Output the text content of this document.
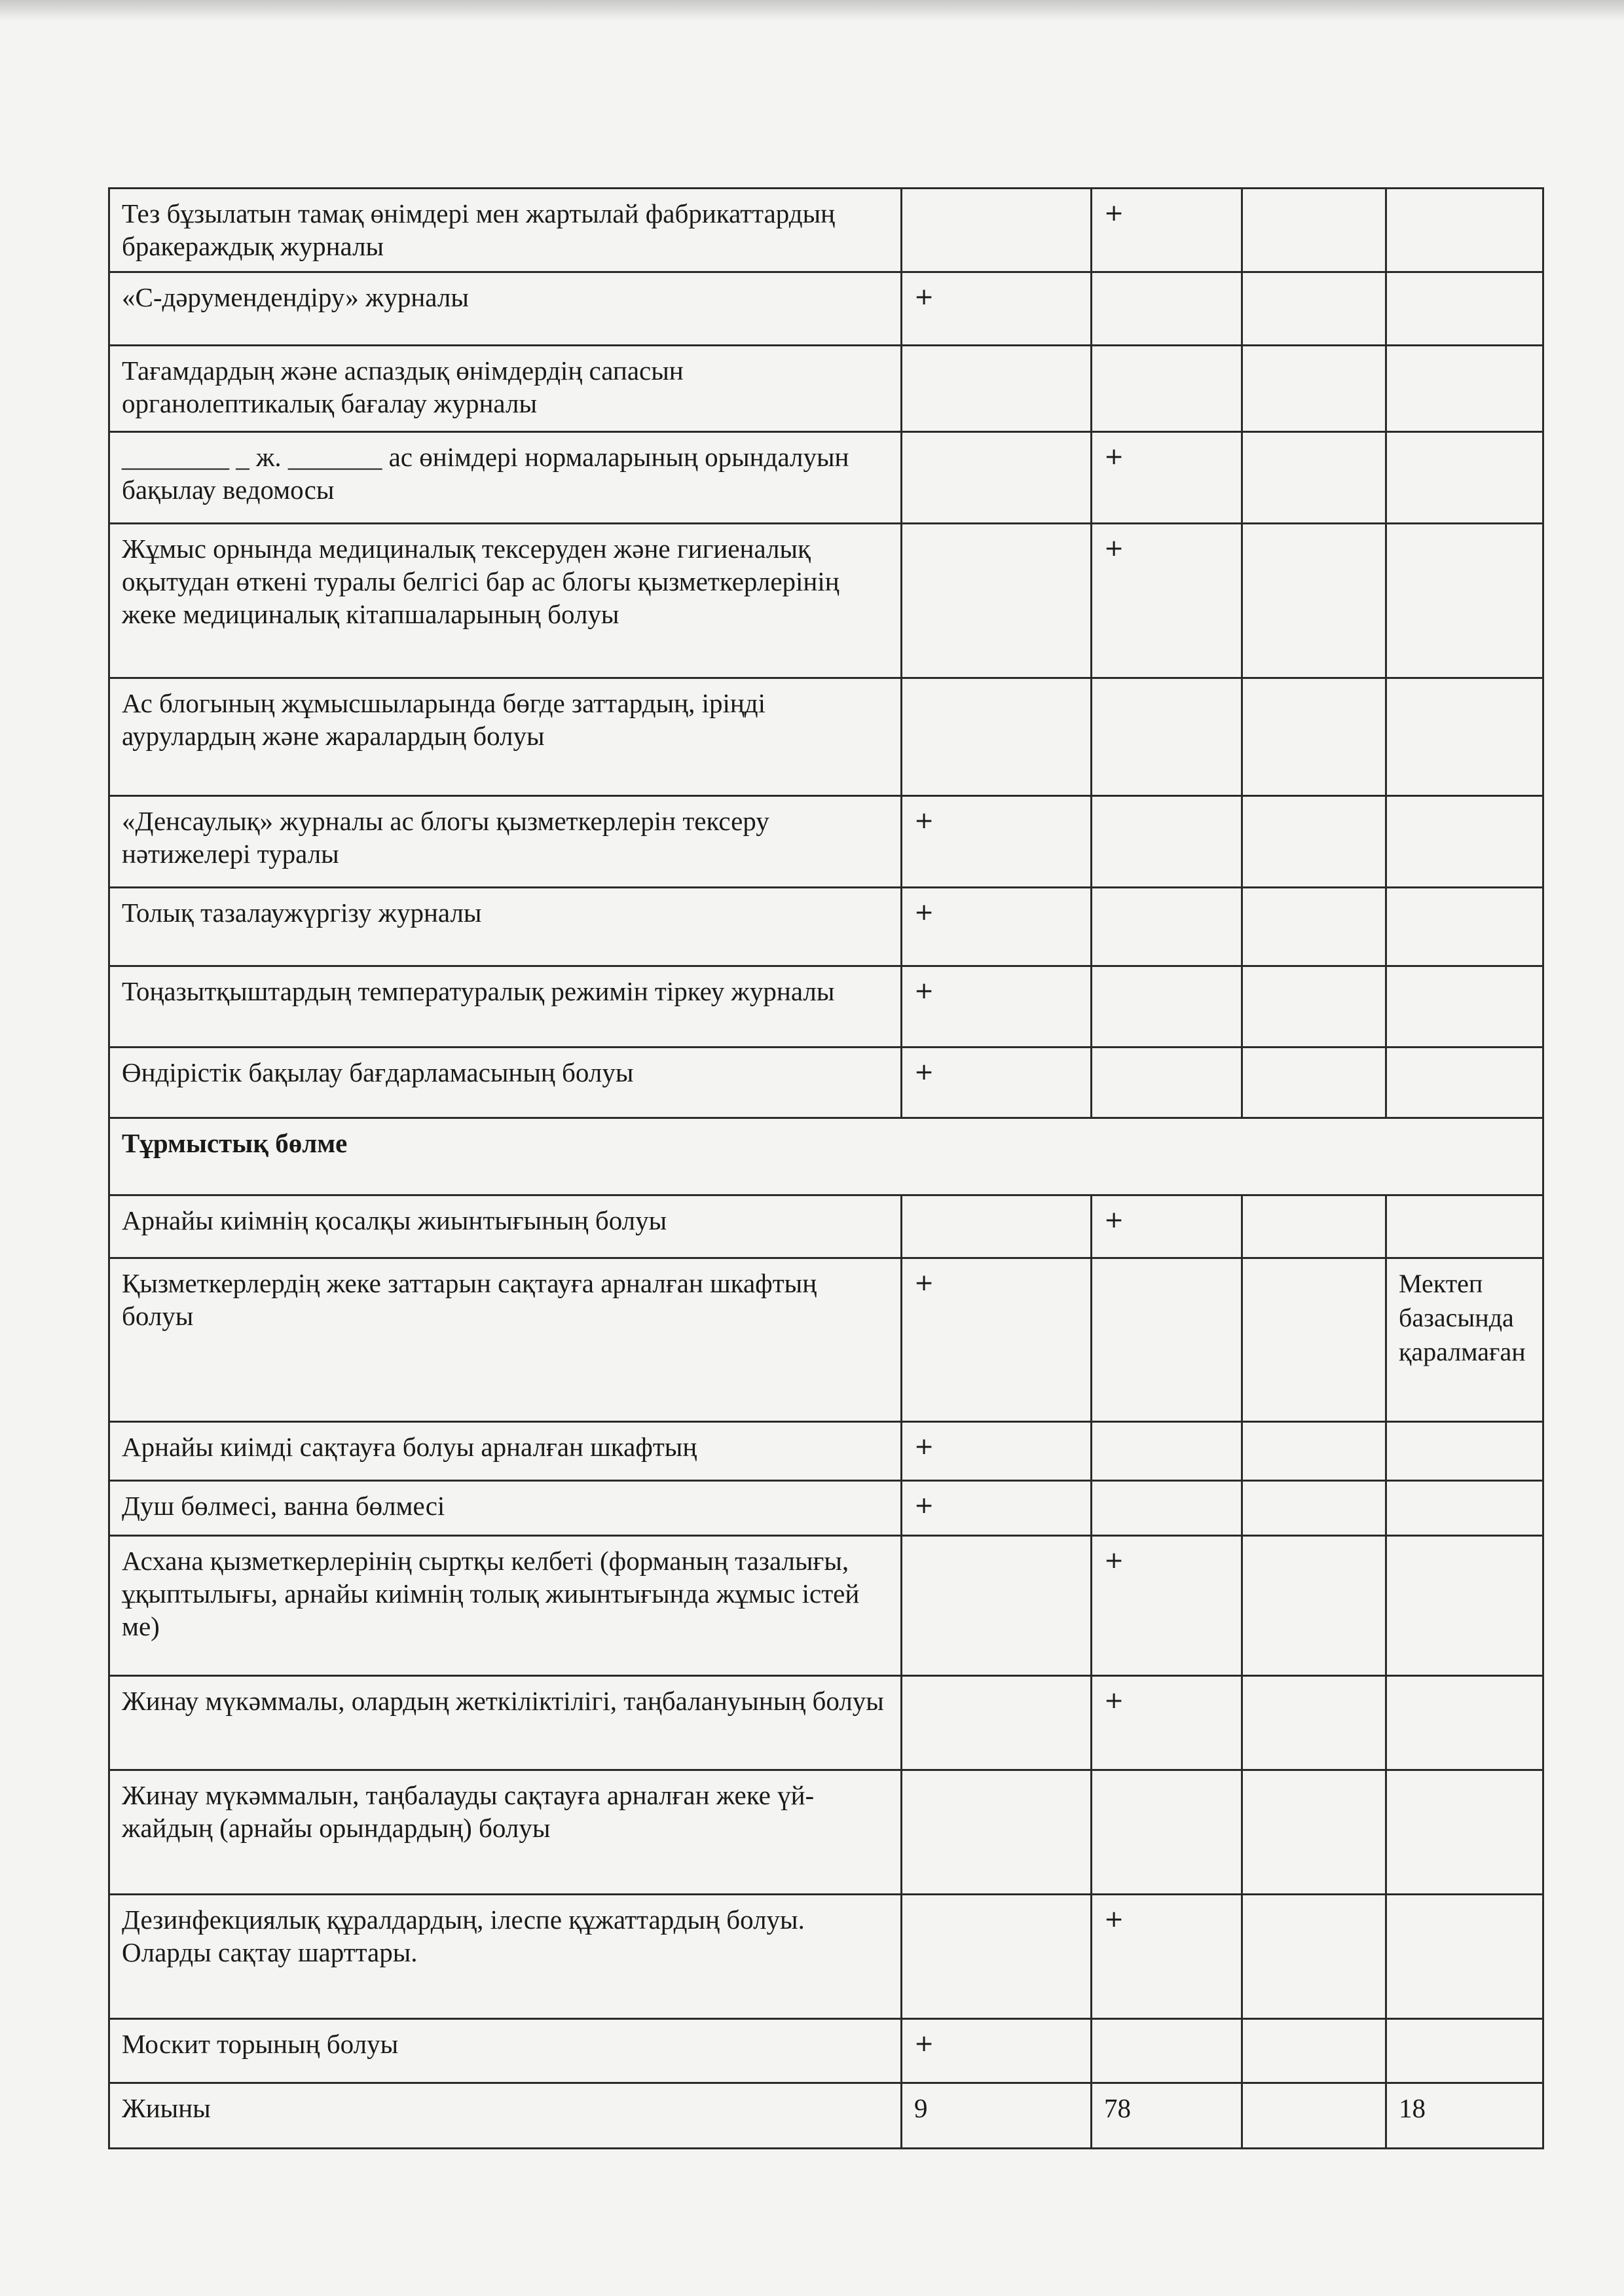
Тез бұзылатын тамақ өнімдері мен жартылай фабрикаттардың бракераждық журналы		+		
«С-дәрумендендіру» журналы	+			
Тағамдардың және аспаздық өнімдердің сапасын органолептикалық бағалау журналы				
________ _ ж. _______ ас өнімдері нормаларының орындалуын бақылау ведомосы		+		
Жұмыс орнында медициналық тексеруден және гигиеналық оқытудан өткені туралы белгісі бар ас блогы қызметкерлерінің жеке медициналық кітапшаларының болуы		+		
Ас блогының жұмысшыларында бөгде заттардың, іріңді аурулардың және жаралардың болуы				
«Денсаулық» журналы ас блогы қызметкерлерін тексеру нәтижелері туралы	+			
Толық тазалаужүргізу журналы	+			
Тоңазытқыштардың температуралық режимін тіркеу журналы	+			
Өндірістік бақылау бағдарламасының болуы	+			
Тұрмыстық бөлме				
Арнайы киімнің қосалқы жиынтығының болуы		+		
Қызметкерлердің жеке заттарын сақтауға арналған шкафтың болуы	+			Мектеп базасында қаралмаған
Арнайы киімді сақтауға болуы арналған шкафтың	+			
Душ бөлмесі, ванна бөлмесі	+			
Асхана қызметкерлерінің сыртқы келбеті (форманың тазалығы, ұқыптылығы, арнайы киімнің толық жиынтығында жұмыс істей ме)		+		
Жинау мүкәммалы, олардың жеткіліктілігі, таңбалануының болуы		+		
Жинау мүкәммалын, таңбалауды сақтауға арналған жеке үй-жайдың (арнайы орындардың) болуы				
Дезинфекциялық құралдардың, ілеспе құжаттардың болуы. Оларды сақтау шарттары.		+		
Москит торының болуы	+			
Жиыны	9	78		18
